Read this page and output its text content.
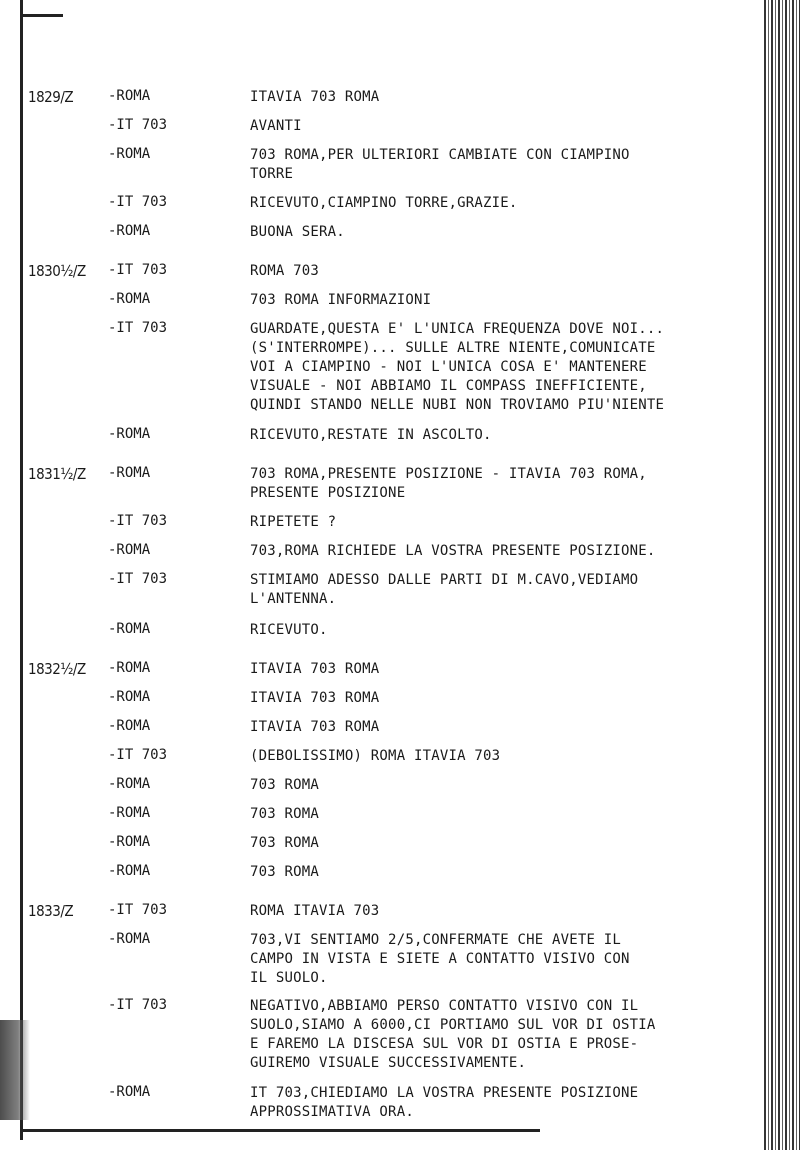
1829/Z	-ROMA	ITAVIA 703 ROMA
-IT 703	AVANTI
-ROMA	703 ROMA,PER ULTERIORI CAMBIATE CON CIAMPINO
TORRE
-IT 703	RICEVUTO,CIAMPINO TORRE,GRAZIE.
-ROMA	BUONA SERA.
1830½/Z	-IT 703	ROMA 703
-ROMA	703 ROMA INFORMAZIONI
-IT 703	GUARDATE,QUESTA E' L'UNICA FREQUENZA DOVE NOI...
(S'INTERROMPE)... SULLE ALTRE NIENTE,COMUNICATE
VOI A CIAMPINO - NOI L'UNICA COSA E' MANTENERE
VISUALE - NOI ABBIAMO IL COMPASS INEFFICIENTE,
QUINDI STANDO NELLE NUBI NON TROVIAMO PIU'NIENTE
-ROMA	RICEVUTO,RESTATE IN ASCOLTO.
1831½/Z	-ROMA	703 ROMA,PRESENTE POSIZIONE - ITAVIA 703 ROMA,
PRESENTE POSIZIONE
-IT 703	RIPETETE ?
-ROMA	703,ROMA RICHIEDE LA VOSTRA PRESENTE POSIZIONE.
-IT 703	STIMIAMO ADESSO DALLE PARTI DI M.CAVO,VEDIAMO
L'ANTENNA.
-ROMA	RICEVUTO.
1832½/Z	-ROMA	ITAVIA 703 ROMA
-ROMA	ITAVIA 703 ROMA
-ROMA	ITAVIA 703 ROMA
-IT 703	(DEBOLISSIMO) ROMA ITAVIA 703
-ROMA	703 ROMA
-ROMA	703 ROMA
-ROMA	703 ROMA
-ROMA	703 ROMA
1833/Z	-IT 703	ROMA ITAVIA 703
-ROMA	703,VI SENTIAMO 2/5,CONFERMATE CHE AVETE IL
CAMPO IN VISTA E SIETE A CONTATTO VISIVO CON
IL SUOLO.
-IT 703	NEGATIVO,ABBIAMO PERSO CONTATTO VISIVO CON IL
SUOLO,SIAMO A 6000,CI PORTIAMO SUL VOR DI OSTIA
E FAREMO LA DISCESA SUL VOR DI OSTIA E PROSE-
GUIREMO VISUALE SUCCESSIVAMENTE.
-ROMA	IT 703,CHIEDIAMO LA VOSTRA PRESENTE POSIZIONE
APPROSSIMATIVA ORA.
